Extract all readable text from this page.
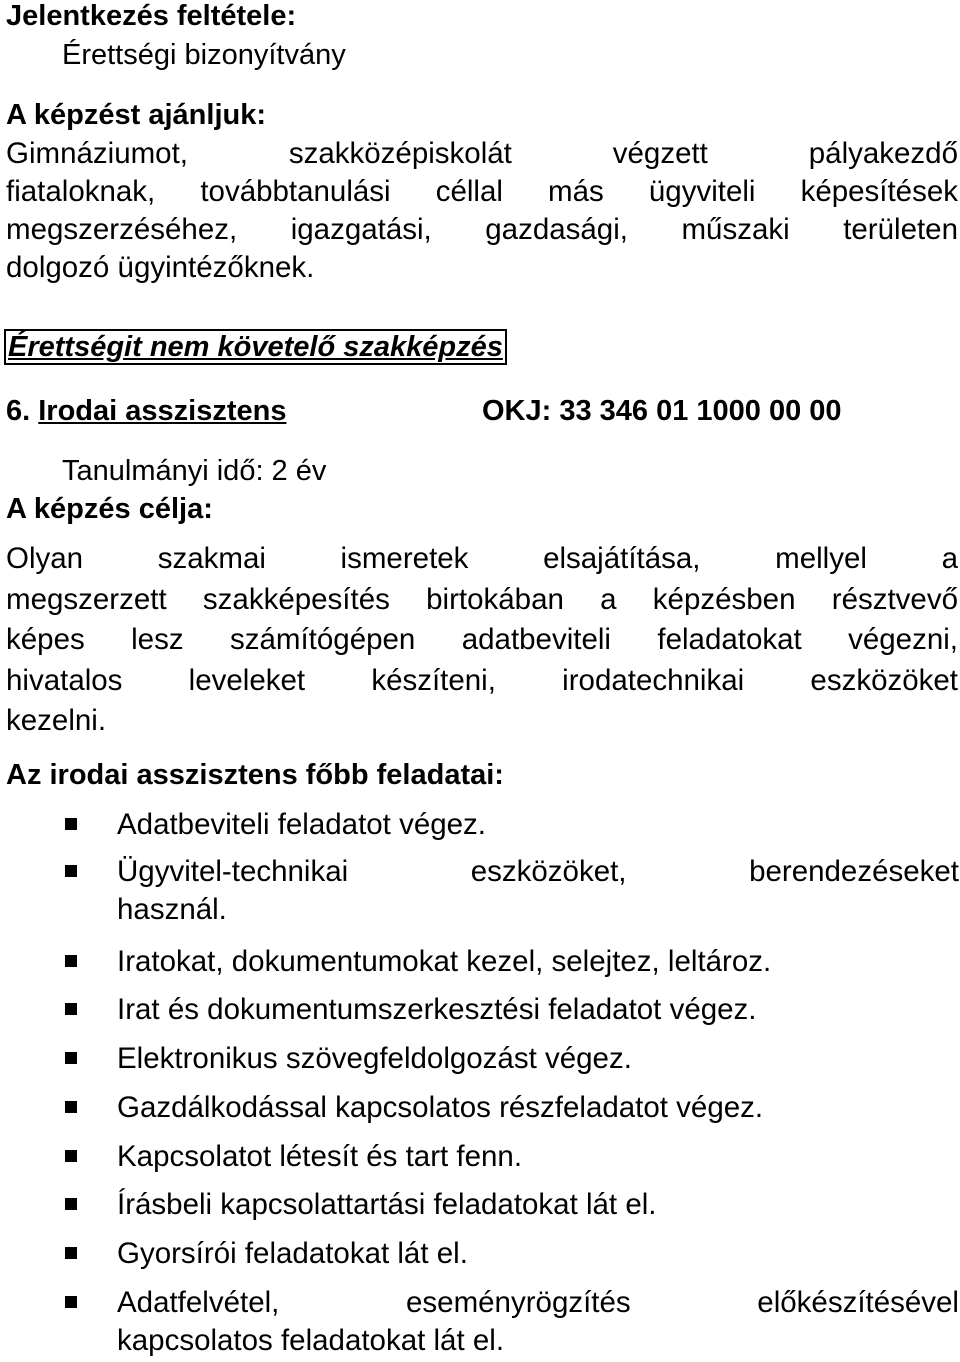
Jelentkezés feltétele:
Érettségi bizonyítvány
A képzést ajánljuk:
Gimnáziumot, szakközépiskolát végzett pályakezdő
fiataloknak, továbbtanulási céllal más ügyviteli képesítések
megszerzéséhez, igazgatási, gazdasági, műszaki területen
dolgozó ügyintézőknek.
Érettségit nem követelő szakképzés
6. Irodai asszisztens	OKJ: 33 346 01 1000 00 00
Tanulmányi idő: 2 év
A képzés célja:
Olyan szakmai ismeretek elsajátítása, mellyel a
megszerzett szakképesítés birtokában a képzésben résztvevő
képes lesz számítógépen adatbeviteli feladatokat végezni,
hivatalos leveleket készíteni, irodatechnikai eszközöket
kezelni.
Az irodai asszisztens főbb feladatai:
Adatbeviteli feladatot végez.
Ügyvitel-technikai eszközöket, berendezéseket
használ.
Iratokat, dokumentumokat kezel, selejtez, leltároz.
Irat és dokumentumszerkesztési feladatot végez.
Elektronikus szövegfeldolgozást végez.
Gazdálkodással kapcsolatos részfeladatot végez.
Kapcsolatot létesít és tart fenn.
Írásbeli kapcsolattartási feladatokat lát el.
Gyorsírói feladatokat lát el.
Adatfelvétel, eseményrögzítés előkészítésével
kapcsolatos feladatokat lát el.
